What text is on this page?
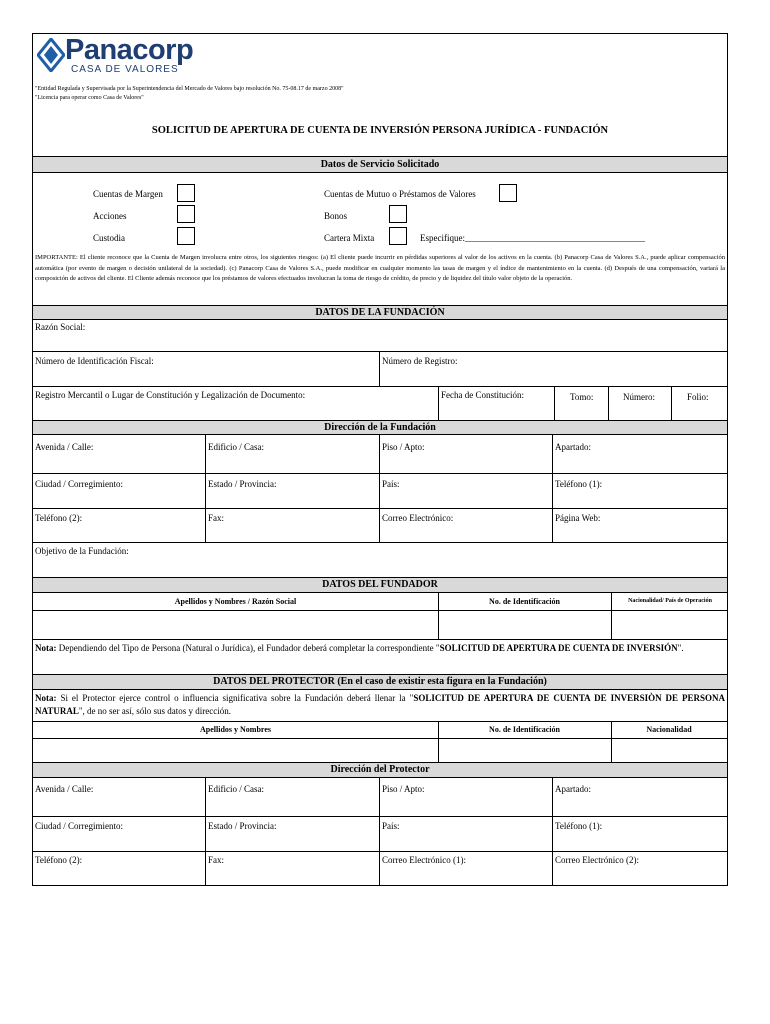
Panacorp
CASA DE VALORES
"Entidad Regulada y Supervisada por la Superintendencia del Mercado de Valores bajo resolución No. 75-08.17 de marzo 2008"
"Licencia para operar como Casa de Valores"
SOLICITUD DE APERTURA DE CUENTA DE INVERSIÓN PERSONA JURÍDICA - FUNDACIÓN
Datos de Servicio Solicitado
Cuentas de Margen
Acciones
Custodia
Cuentas de Mutuo o Préstamos de Valores
Bonos
Cartera Mixta	Especifique:________________________________________
IMPORTANTE: El cliente reconoce que la Cuenta de Margen involucra entre otros, los siguientes riesgos: (a) El cliente puede incurrir en pérdidas superiores al valor de los activos en la cuenta. (b) Panacorp Casa de Valores S.A., puede aplicar compensación automática (por evento de margen o decisión unilateral de la sociedad). (c) Panacorp Casa de Valores S.A., puede modificar en cualquier momento las tasas de margen y el índice de mantenimiento en la cuenta. (d) Después de una compensación, variará la composición de activos del cliente. El Cliente además reconoce que los préstamos de valores efectuados involucran la toma de riesgo de crédito, de precio y de liquidez del título valor objeto de la operación.
DATOS DE LA FUNDACIÓN
Razón Social:
Número de Identificación Fiscal:	Número de Registro:
Registro Mercantil o Lugar de Constitución y Legalización de Documento:	Fecha de Constitución:	Tomo:	Número:	Folio:
Dirección de la Fundación
Avenida / Calle:	Edificio / Casa:	Piso / Apto:	Apartado:
Ciudad / Corregimiento:	Estado / Provincia:	País:	Teléfono (1):
Teléfono (2):	Fax:	Correo Electrónico:	Página Web:
Objetivo de la Fundación:
DATOS DEL FUNDADOR
Apellidos y Nombres / Razón Social	No. de Identificación	Nacionalidad/ País de Operación
Nota: Dependiendo del Tipo de Persona (Natural o Jurídica), el Fundador deberá completar la correspondiente "SOLICITUD DE APERTURA DE CUENTA DE INVERSIÓN".
DATOS DEL PROTECTOR (En el caso de existir esta figura en la Fundación)
Nota: Si el Protector ejerce control o influencia significativa sobre la Fundación deberá llenar la "SOLICITUD DE APERTURA DE CUENTA DE INVERSIÒN DE PERSONA NATURAL", de no ser así, sólo sus datos y dirección.
Apellidos y Nombres	No. de Identificación	Nacionalidad
Dirección del Protector
Avenida / Calle:	Edificio / Casa:	Piso / Apto:	Apartado:
Ciudad / Corregimiento:	Estado / Provincia:	País:	Teléfono (1):
Teléfono (2):	Fax:	Correo Electrónico (1):	Correo Electrónico (2):
